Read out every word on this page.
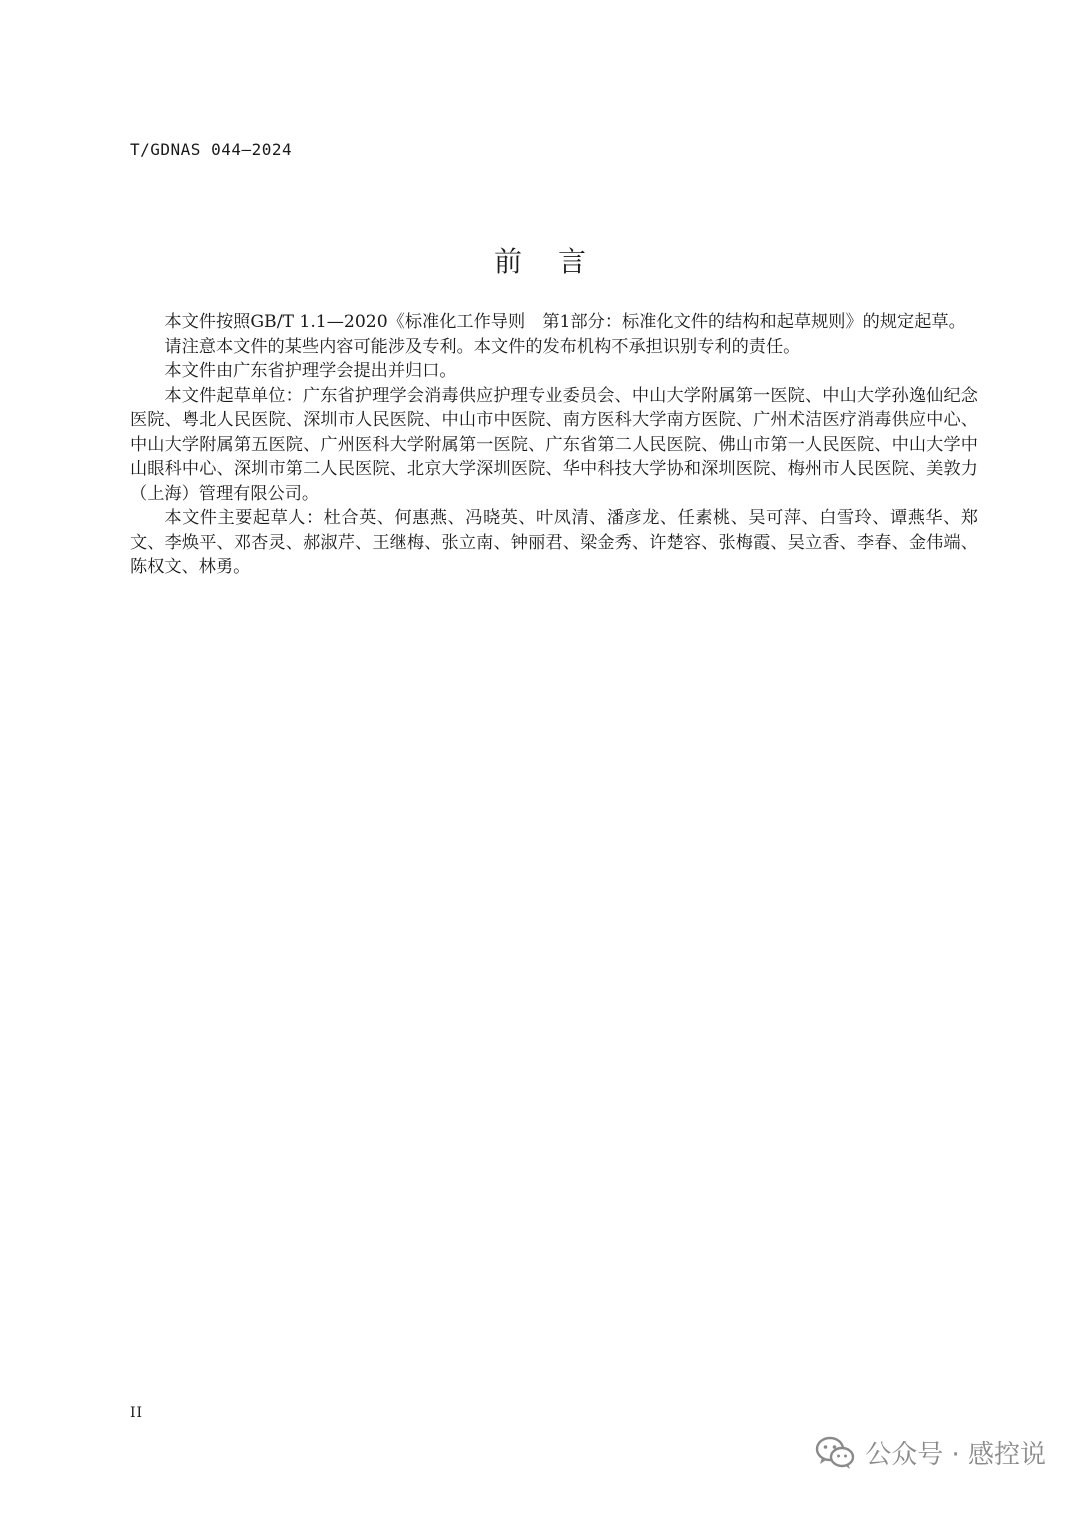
T/GDNAS 044—2024
前言

本文件按照GB/T 1.1—2020《标准化工作导则　第1部分：标准化文件的结构和起草规则》的规定起草。

请注意本文件的某些内容可能涉及专利。本文件的发布机构不承担识别专利的责任。

本文件由广东省护理学会提出并归口。

本文件起草单位：广东省护理学会消毒供应护理专业委员会、中山大学附属第一医院、中山大学孙逸仙纪念医院、粤北人民医院、深圳市人民医院、中山市中医院、南方医科大学南方医院、广州术洁医疗消毒供应中心、中山大学附属第五医院、广州医科大学附属第一医院、广东省第二人民医院、佛山市第一人民医院、中山大学中山眼科中心、深圳市第二人民医院、北京大学深圳医院、华中科技大学协和深圳医院、梅州市人民医院、美敦力（上海）管理有限公司。

本文件主要起草人：杜合英、何惠燕、冯晓英、叶凤清、潘彦龙、任素桃、吴可萍、白雪玲、谭燕华、郑文、李焕平、邓杏灵、郝淑芹、王继梅、张立南、钟丽君、梁金秀、许楚容、张梅霞、吴立香、李春、金伟端、陈权文、林勇。

II
公众号 · 感控说
